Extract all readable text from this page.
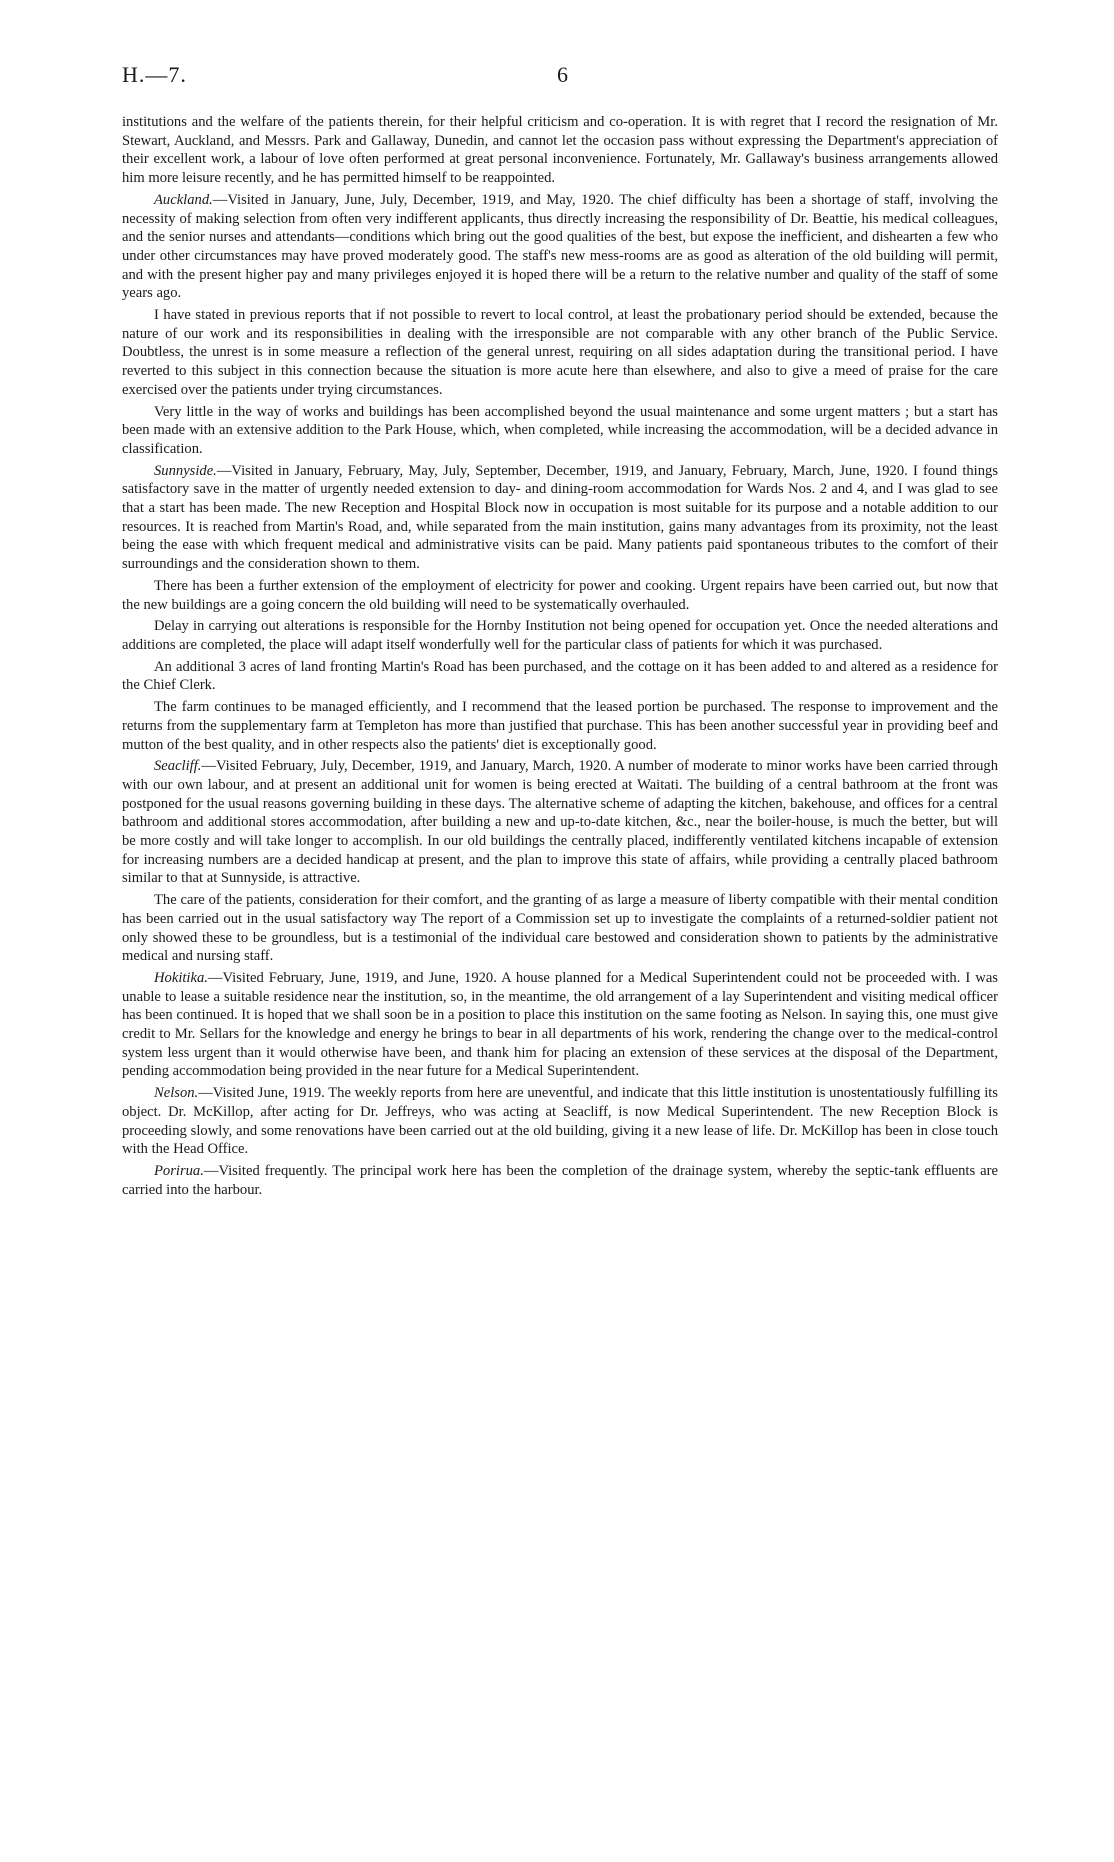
H.—7.	6

institutions and the welfare of the patients therein, for their helpful criticism and co-operation. It is with regret that I record the resignation of Mr. Stewart, Auckland, and Messrs. Park and Gallaway, Dunedin, and cannot let the occasion pass without expressing the Department's appreciation of their excellent work, a labour of love often performed at great personal inconvenience. Fortunately, Mr. Gallaway's business arrangements allowed him more leisure recently, and he has permitted himself to be reappointed.

Auckland.—Visited in January, June, July, December, 1919, and May, 1920. The chief difficulty has been a shortage of staff, involving the necessity of making selection from often very indifferent applicants, thus directly increasing the responsibility of Dr. Beattie, his medical colleagues, and the senior nurses and attendants—conditions which bring out the good qualities of the best, but expose the inefficient, and dishearten a few who under other circumstances may have proved moderately good. The staff's new mess-rooms are as good as alteration of the old building will permit, and with the present higher pay and many privileges enjoyed it is hoped there will be a return to the relative number and quality of the staff of some years ago.

I have stated in previous reports that if not possible to revert to local control, at least the probationary period should be extended, because the nature of our work and its responsibilities in dealing with the irresponsible are not comparable with any other branch of the Public Service. Doubtless, the unrest is in some measure a reflection of the general unrest, requiring on all sides adaptation during the transitional period. I have reverted to this subject in this connection because the situation is more acute here than elsewhere, and also to give a meed of praise for the care exercised over the patients under trying circumstances.

Very little in the way of works and buildings has been accomplished beyond the usual maintenance and some urgent matters ; but a start has been made with an extensive addition to the Park House, which, when completed, while increasing the accommodation, will be a decided advance in classification.

Sunnyside.—Visited in January, February, May, July, September, December, 1919, and January, February, March, June, 1920. I found things satisfactory save in the matter of urgently needed extension to day- and dining-room accommodation for Wards Nos. 2 and 4, and I was glad to see that a start has been made. The new Reception and Hospital Block now in occupation is most suitable for its purpose and a notable addition to our resources. It is reached from Martin's Road, and, while separated from the main institution, gains many advantages from its proximity, not the least being the ease with which frequent medical and administrative visits can be paid. Many patients paid spontaneous tributes to the comfort of their surroundings and the consideration shown to them.

There has been a further extension of the employment of electricity for power and cooking. Urgent repairs have been carried out, but now that the new buildings are a going concern the old building will need to be systematically overhauled.

Delay in carrying out alterations is responsible for the Hornby Institution not being opened for occupation yet. Once the needed alterations and additions are completed, the place will adapt itself wonderfully well for the particular class of patients for which it was purchased.

An additional 3 acres of land fronting Martin's Road has been purchased, and the cottage on it has been added to and altered as a residence for the Chief Clerk.

The farm continues to be managed efficiently, and I recommend that the leased portion be purchased. The response to improvement and the returns from the supplementary farm at Templeton has more than justified that purchase. This has been another successful year in providing beef and mutton of the best quality, and in other respects also the patients' diet is exceptionally good.

Seacliff.—Visited February, July, December, 1919, and January, March, 1920. A number of moderate to minor works have been carried through with our own labour, and at present an additional unit for women is being erected at Waitati. The building of a central bathroom at the front was postponed for the usual reasons governing building in these days. The alternative scheme of adapting the kitchen, bakehouse, and offices for a central bathroom and additional stores accommodation, after building a new and up-to-date kitchen, &c., near the boiler-house, is much the better, but will be more costly and will take longer to accomplish. In our old buildings the centrally placed, indifferently ventilated kitchens incapable of extension for increasing numbers are a decided handicap at present, and the plan to improve this state of affairs, while providing a centrally placed bathroom similar to that at Sunnyside, is attractive.

The care of the patients, consideration for their comfort, and the granting of as large a measure of liberty compatible with their mental condition has been carried out in the usual satisfactory way The report of a Commission set up to investigate the complaints of a returned-soldier patient not only showed these to be groundless, but is a testimonial of the individual care bestowed and consideration shown to patients by the administrative medical and nursing staff.

Hokitika.—Visited February, June, 1919, and June, 1920. A house planned for a Medical Superintendent could not be proceeded with. I was unable to lease a suitable residence near the institution, so, in the meantime, the old arrangement of a lay Superintendent and visiting medical officer has been continued. It is hoped that we shall soon be in a position to place this institution on the same footing as Nelson. In saying this, one must give credit to Mr. Sellars for the knowledge and energy he brings to bear in all departments of his work, rendering the change over to the medical-control system less urgent than it would otherwise have been, and thank him for placing an extension of these services at the disposal of the Department, pending accommodation being provided in the near future for a Medical Superintendent.

Nelson.—Visited June, 1919. The weekly reports from here are uneventful, and indicate that this little institution is unostentatiously fulfilling its object. Dr. McKillop, after acting for Dr. Jeffreys, who was acting at Seacliff, is now Medical Superintendent. The new Reception Block is proceeding slowly, and some renovations have been carried out at the old building, giving it a new lease of life. Dr. McKillop has been in close touch with the Head Office.

Porirua.—Visited frequently. The principal work here has been the completion of the drainage system, whereby the septic-tank effluents are carried into the harbour.
